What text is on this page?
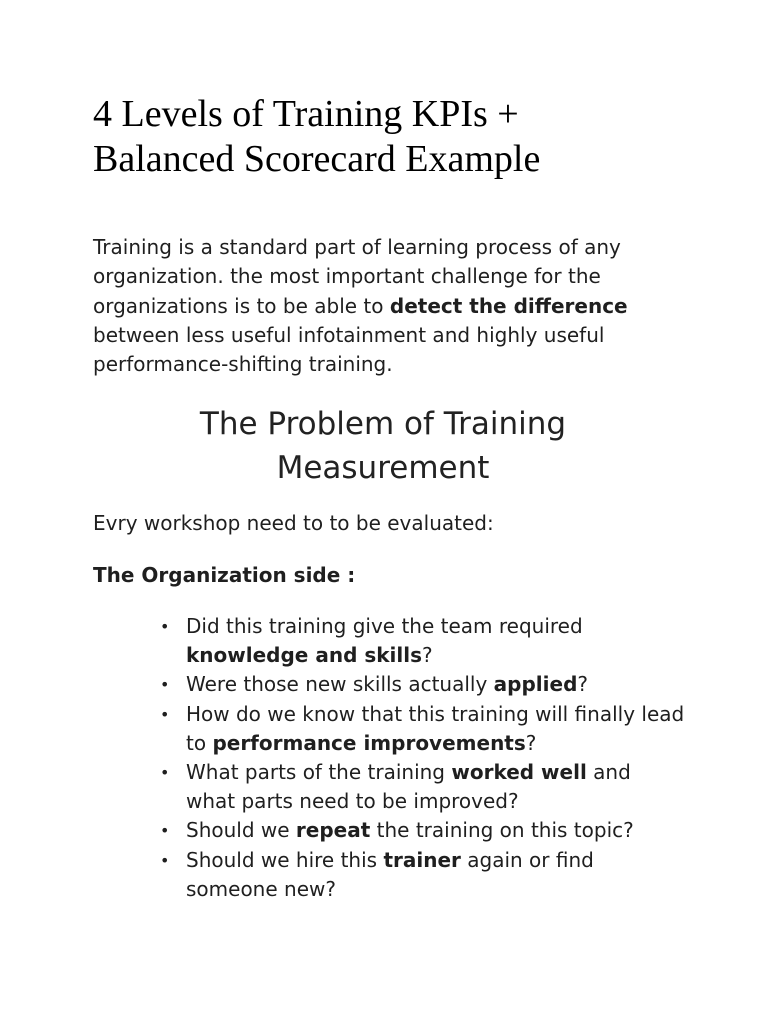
4 Levels of Training KPIs +
Balanced Scorecard Example

Training is a standard part of learning process of any organization. the most important challenge for the organizations is to be able to detect the difference between less useful infotainment and highly useful performance-shifting training.

The Problem of Training
Measurement

Evry workshop need to to be evaluated:

The Organization side :

• Did this training give the team required
knowledge and skills?
• Were those new skills actually applied?
• How do we know that this training will finally lead to performance improvements?
• What parts of the training worked well and what parts need to be improved?
• Should we repeat the training on this topic?
• Should we hire this trainer again or find someone new?
